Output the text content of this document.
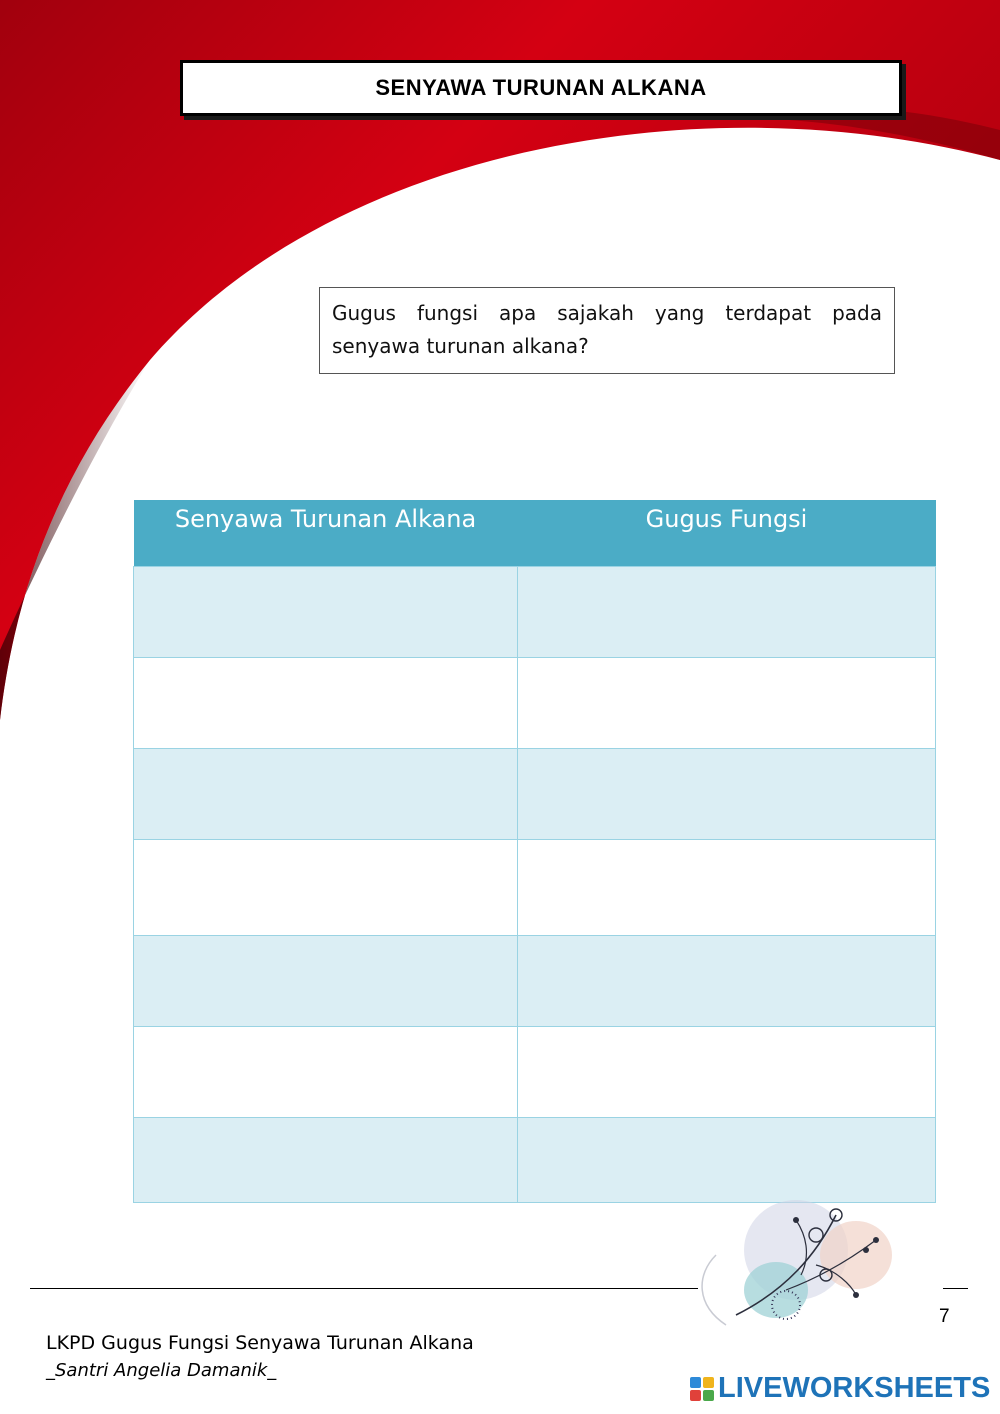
SENYAWA TURUNAN ALKANA
Gugus fungsi apa sajakah yang terdapat pada senyawa turunan alkana?
Senyawa Turunan Alkana	Gugus Fungsi

7
LKPD Gugus Fungsi Senyawa Turunan Alkana
_Santri Angelia Damanik_
LIVEWORKSHEETS
